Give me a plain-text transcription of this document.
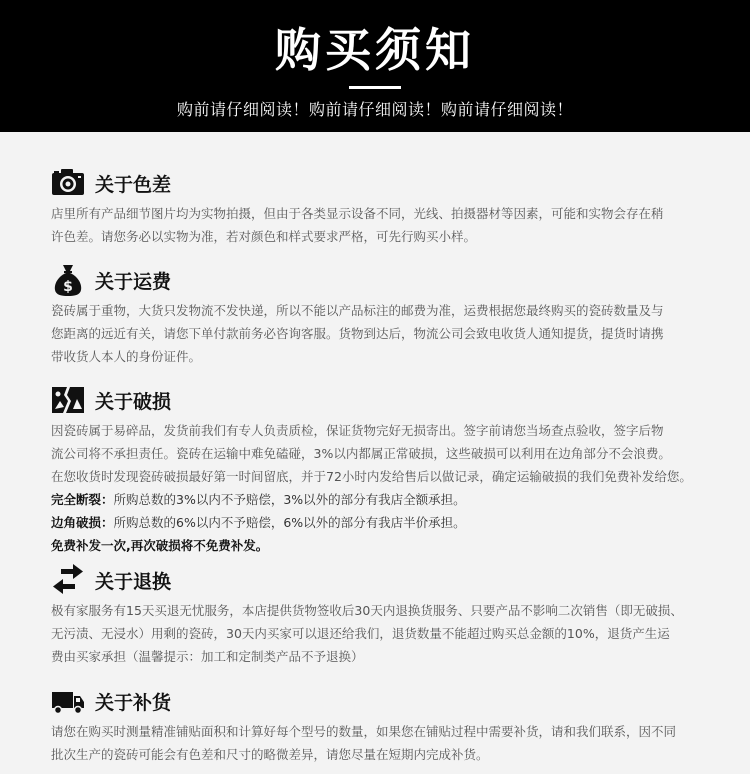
购买须知
购前请仔细阅读！购前请仔细阅读！购前请仔细阅读！
关于色差

店里所有产品细节图片均为实物拍摄，但由于各类显示设备不同，光线、拍摄器材等因素，可能和实物会存在稍

许色差。请您务必以实物为准，若对颜色和样式要求严格，可先行购买小样。

$ 关于运费

瓷砖属于重物，大货只发物流不发快递，所以不能以产品标注的邮费为准，运费根据您最终购买的瓷砖数量及与

您距离的远近有关，请您下单付款前务必咨询客服。货物到达后，物流公司会致电收货人通知提货，提货时请携

带收货人本人的身份证件。

关于破损

因瓷砖属于易碎品，发货前我们有专人负责质检，保证货物完好无损寄出。签字前请您当场查点验收，签字后物

流公司将不承担责任。瓷砖在运输中难免磕碰，3%以内都属正常破损，这些破损可以利用在边角部分不会浪费。

在您收货时发现瓷砖破损最好第一时间留底，并于72小时内发给售后以做记录，确定运输破损的我们免费补发给您。

完全断裂：所购总数的3%以内不予赔偿，3%以外的部分有我店全额承担。

边角破损：所购总数的6%以内不予赔偿，6%以外的部分有我店半价承担。

免费补发一次,再次破损将不免费补发。

关于退换

极有家服务有15天买退无忧服务，本店提供货物签收后30天内退换货服务、只要产品不影响二次销售（即无破损、

无污渍、无浸水）用剩的瓷砖，30天内买家可以退还给我们，退货数量不能超过购买总金额的10%，退货产生运

费由买家承担（温馨提示：加工和定制类产品不予退换）

关于补货

请您在购买时测量精准铺贴面积和计算好每个型号的数量，如果您在铺贴过程中需要补货，请和我们联系，因不同

批次生产的瓷砖可能会有色差和尺寸的略微差异，请您尽量在短期内完成补货。
